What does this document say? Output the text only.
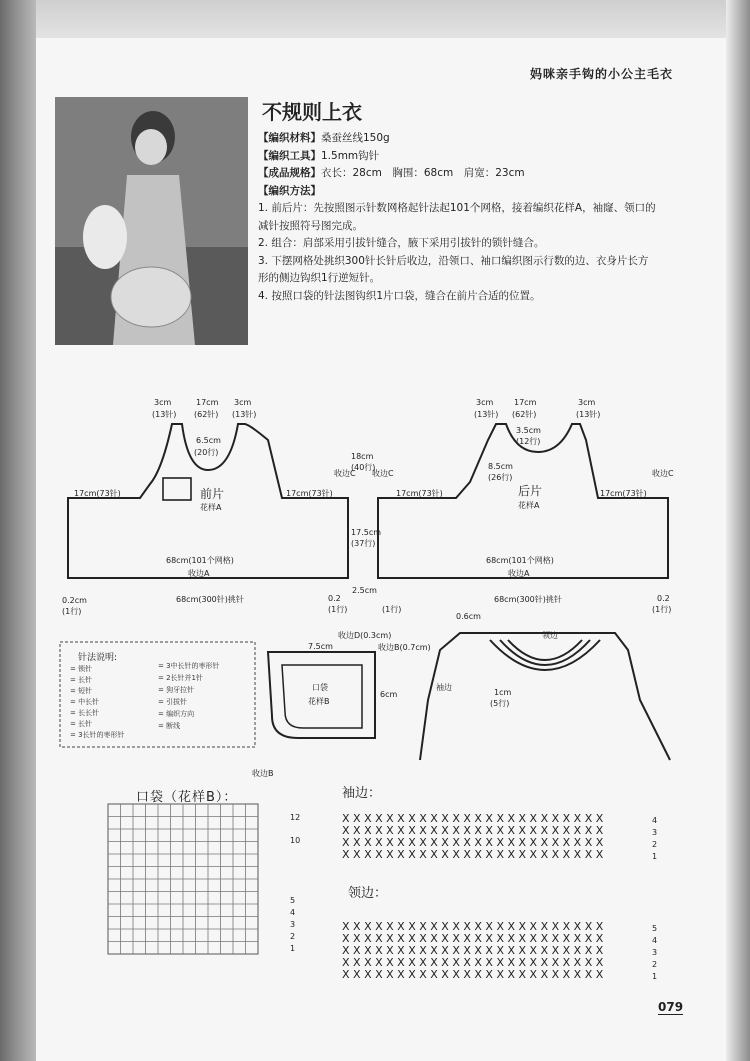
妈咪亲手钩的小公主毛衣
不规则上衣

【编织材料】桑蚕丝线150g

【编织工具】1.5mm钩针

【成品规格】衣长：28cm　胸围：68cm　肩宽：23cm

【编织方法】

1. 前后片：先按照图示针数网格起针法起101个网格，接着编织花样A，袖窿、领口的

减针按照符号图完成。

2. 组合：肩部采用引拔针缝合，腋下采用引拔针的锁针缝合。

3. 下摆网格处挑织300针长针后收边，沿领口、袖口编织图示行数的边、衣身片长方

形的侧边钩织1行逆短针。

4. 按照口袋的针法图钩织1片口袋，缝合在前片合适的位置。

X X X X X X X X X X X X X X X X X X X X X X X X
X X X X X X X X X X X X X X X X X X X X X X X X
X X X X X X X X X X X X X X X X X X X X X X X X
X X X X X X X X X X X X X X X X X X X X X X X X
X X X X X X X X X X X X X X X X X X X X X X X X
X X X X X X X X X X X X X X X X X X X X X X X X
X X X X X X X X X X X X X X X X X X X X X X X X
X X X X X X X X X X X X X X X X X X X X X X X X
X X X X X X X X X X X X X X X X X X X X X X X X
前片
花样A
3cm
(13针)
17cm
(62针)
3cm
(13针)
6.5cm
(20行)
17cm(73针)	17cm(73针)
18cm
(40行)
17.5cm
(37行)
68cm(101个网格)
收边A
68cm(300针)挑针
收边C 收边C
0.2cm
(1行)
0.2
(1行)
2.5cm
(1行)
后片
花样A
3cm
(13针)
17cm
(62针)
3cm
(13针)
3.5cm
(12行)
8.5cm
(26行)
17cm(73针)	17cm(73针)
68cm(101个网格)
收边A
收边C
68cm(300针)挑针	0.2
(1行)
针法说明:
= 锁针
= 长针
= 短针
= 中长针
= 长长针
= 长针
= 3长针的枣形针
= 3中长针的枣形针
= 2长针并1针
= 狗牙拉针
= 引拔针
= 编织方向
= 断线
口袋
花样B
收边D(0.3cm)
收边B(0.7cm)
7.5cm
6cm
领边
袖边
1cm
(5行)
0.6cm
口袋（花样B）：
收边B
12
10
5
4
3
2
1
袖边：
4
3
2
1
领边：
5
4
3
2
1
079
